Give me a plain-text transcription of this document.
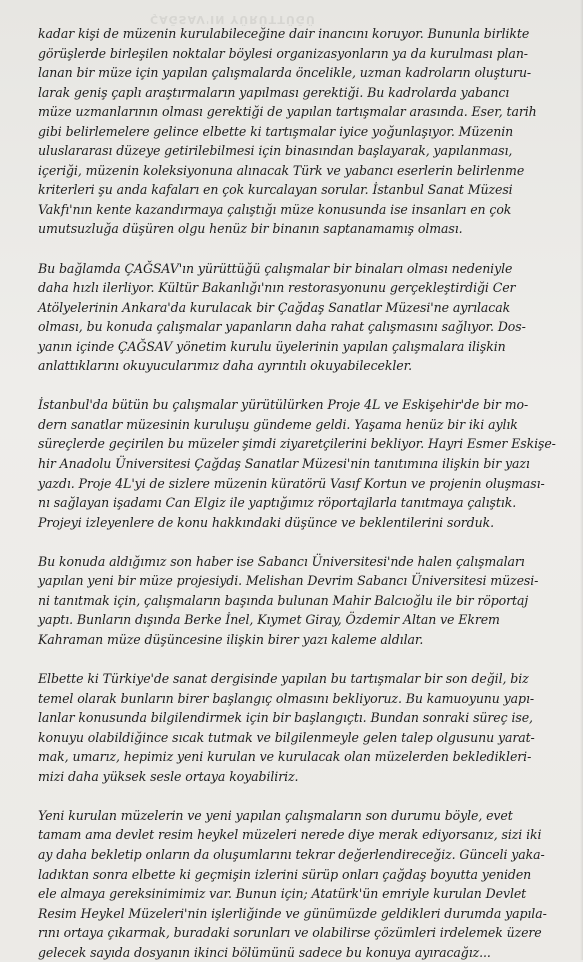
ÇAĞSAV'IN YÜRÜTTÜĞÜ

kadar kişi de müzenin kurulabileceğine dair inancını koruyor. Bununla birlikte
görüşlerde birleşilen noktalar böylesi organizasyonların ya da kurulması plan-
lanan bir müze için yapılan çalışmalarda öncelikle, uzman kadroların oluşturu-
larak geniş çaplı araştırmaların yapılması gerektiği. Bu kadrolarda yabancı
müze uzmanlarının olması gerektiği de yapılan tartışmalar arasında. Eser, tarih
gibi belirlemelere gelince elbette ki tartışmalar iyice yoğunlaşıyor. Müzenin
uluslararası düzeye getirilebilmesi için binasından başlayarak, yapılanması,
içeriği, müzenin koleksiyonuna alınacak Türk ve yabancı eserlerin belirlenme
kriterleri şu anda kafaları en çok kurcalayan sorular. İstanbul Sanat Müzesi
Vakfı'nın kente kazandırmaya çalıştığı müze konusunda ise insanları en çok
umutsuzluğa düşüren olgu henüz bir binanın saptanamamış olması.

Bu bağlamda ÇAĞSAV'ın yürüttüğü çalışmalar bir binaları olması nedeniyle
daha hızlı ilerliyor. Kültür Bakanlığı'nın restorasyonunu gerçekleştirdiği Cer
Atölyelerinin Ankara'da kurulacak bir Çağdaş Sanatlar Müzesi'ne ayrılacak
olması, bu konuda çalışmalar yapanların daha rahat çalışmasını sağlıyor. Dos-
yanın içinde ÇAĞSAV yönetim kurulu üyelerinin yapılan çalışmalara ilişkin
anlattıklarını okuyucularımız daha ayrıntılı okuyabilecekler.

İstanbul'da bütün bu çalışmalar yürütülürken Proje 4L ve Eskişehir'de bir mo-
dern sanatlar müzesinin kuruluşu gündeme geldi. Yaşama henüz bir iki aylık
süreçlerde geçirilen bu müzeler şimdi ziyaretçilerini bekliyor. Hayri Esmer Eskişe-
hir Anadolu Üniversitesi Çağdaş Sanatlar Müzesi'nin tanıtımına ilişkin bir yazı
yazdı. Proje 4L'yi de sizlere müzenin küratörü Vasıf Kortun ve projenin oluşması-
nı sağlayan işadamı Can Elgiz ile yaptığımız röportajlarla tanıtmaya çalıştık.
Projeyi izleyenlere de konu hakkındaki düşünce ve beklentilerini sorduk.

Bu konuda aldığımız son haber ise Sabancı Üniversitesi'nde halen çalışmaları
yapılan yeni bir müze projesiydi. Melishan Devrim Sabancı Üniversitesi müzesi-
ni tanıtmak için, çalışmaların başında bulunan Mahir Balcıoğlu ile bir röportaj
yaptı. Bunların dışında Berke İnel, Kıymet Giray, Özdemir Altan ve Ekrem
Kahraman müze düşüncesine ilişkin birer yazı kaleme aldılar.

Elbette ki Türkiye'de sanat dergisinde yapılan bu tartışmalar bir son değil, biz
temel olarak bunların birer başlangıç olmasını bekliyoruz. Bu kamuoyunu yapı-
lanlar konusunda bilgilendirmek için bir başlangıçtı. Bundan sonraki süreç ise,
konuyu olabildiğince sıcak tutmak ve bilgilenmeyle gelen talep olgusunu yarat-
mak, umarız, hepimiz yeni kurulan ve kurulacak olan müzelerden bekledikleri-
mizi daha yüksek sesle ortaya koyabiliriz.

Yeni kurulan müzelerin ve yeni yapılan çalışmaların son durumu böyle, evet
tamam ama devlet resim heykel müzeleri nerede diye merak ediyorsanız, sizi iki
ay daha bekletip onların da oluşumlarını tekrar değerlendireceğiz. Günceli yaka-
ladıktan sonra elbette ki geçmişin izlerini sürüp onları çağdaş boyutta yeniden
ele almaya gereksinimimiz var. Bunun için; Atatürk'ün emriyle kurulan Devlet
Resim Heykel Müzeleri'nin işlerliğinde ve günümüzde geldikleri durumda yapıla-
rını ortaya çıkarmak, buradaki sorunları ve olabilirse çözümleri irdelemek üzere
gelecek sayıda dosyanın ikinci bölümünü sadece bu konuya ayıracağız...
